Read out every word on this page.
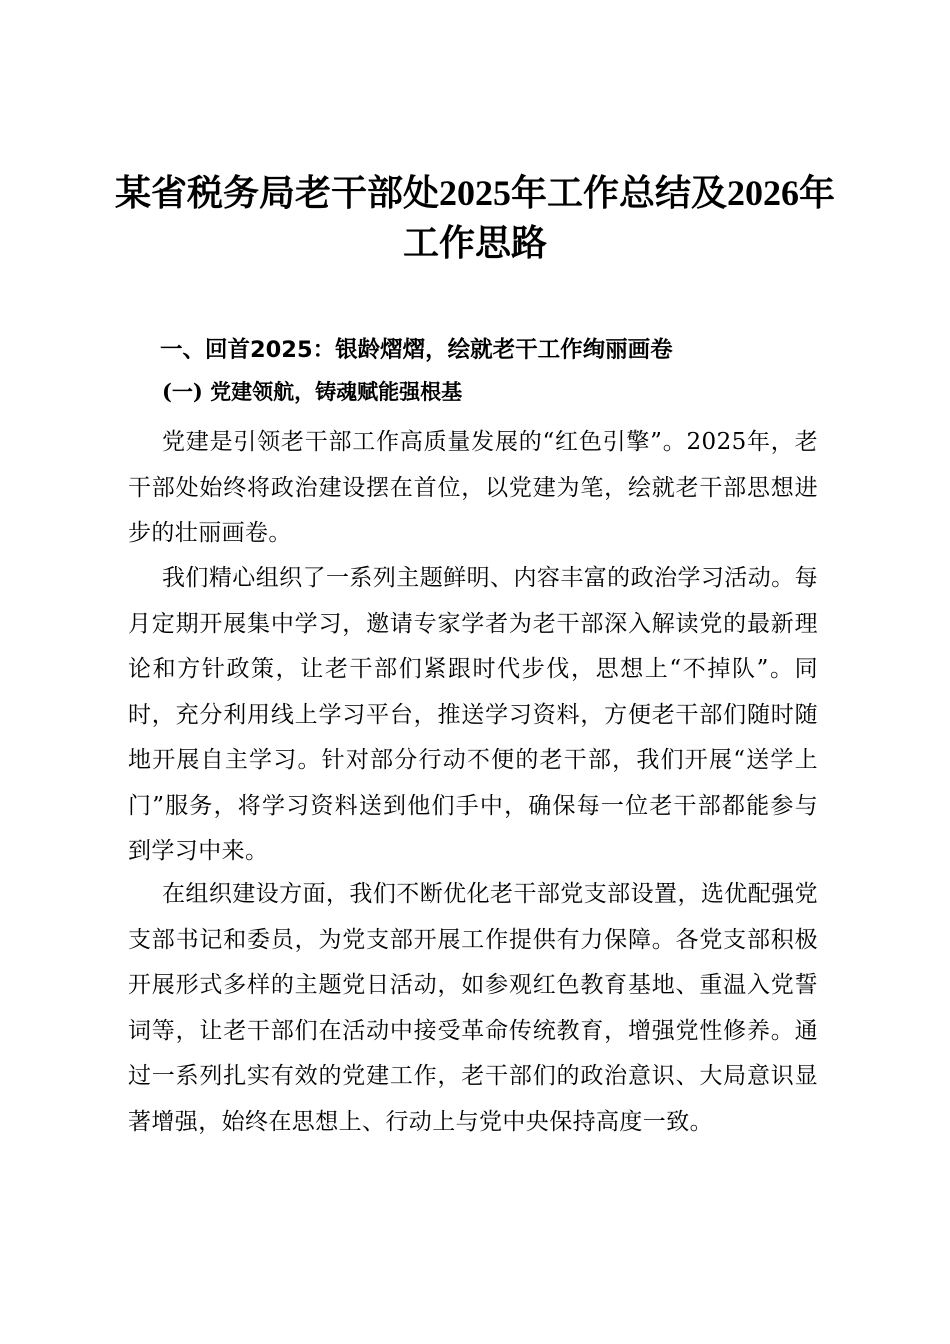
某省税务局老干部处2025年工作总结及2026年工作思路
一、回首2025：银龄熠熠，绘就老干工作绚丽画卷
(一) 党建领航，铸魂赋能强根基

党建是引领老干部工作高质量发展的“红色引擎”。2025年，老干部处始终将政治建设摆在首位，以党建为笔，绘就老干部思想进步的壮丽画卷。

我们精心组织了一系列主题鲜明、内容丰富的政治学习活动。每月定期开展集中学习，邀请专家学者为老干部深入解读党的最新理论和方针政策，让老干部们紧跟时代步伐，思想上“不掉队”。同时，充分利用线上学习平台，推送学习资料，方便老干部们随时随地开展自主学习。针对部分行动不便的老干部，我们开展“送学上门”服务，将学习资料送到他们手中，确保每一位老干部都能参与到学习中来。

在组织建设方面，我们不断优化老干部党支部设置，选优配强党支部书记和委员，为党支部开展工作提供有力保障。各党支部积极开展形式多样的主题党日活动，如参观红色教育基地、重温入党誓词等，让老干部们在活动中接受革命传统教育，增强党性修养。通过一系列扎实有效的党建工作，老干部们的政治意识、大局意识显著增强，始终在思想上、行动上与党中央保持高度一致。
